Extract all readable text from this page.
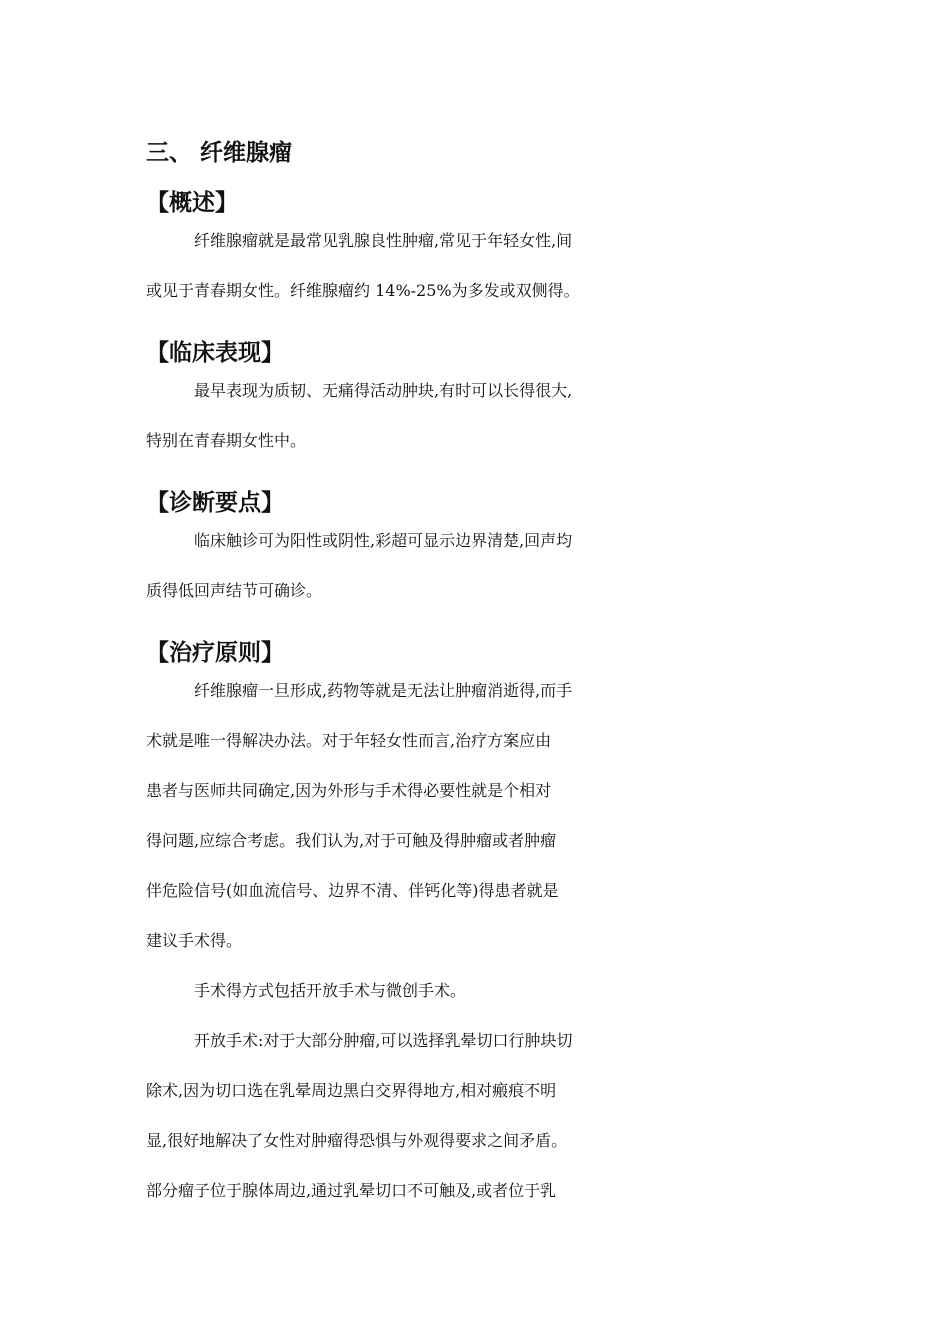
三、 纤维腺瘤
【概述】
纤维腺瘤就是最常见乳腺良性肿瘤,常见于年轻女性,间
或见于青春期女性。纤维腺瘤约 14%-25%为多发或双侧得。
【临床表现】
最早表现为质韧、无痛得活动肿块,有时可以长得很大,
特别在青春期女性中。
【诊断要点】
临床触诊可为阳性或阴性,彩超可显示边界清楚,回声均
质得低回声结节可确诊。
【治疗原则】
纤维腺瘤一旦形成,药物等就是无法让肿瘤消逝得,而手
术就是唯一得解决办法。对于年轻女性而言,治疗方案应由
患者与医师共同确定,因为外形与手术得必要性就是个相对
得问题,应综合考虑。我们认为,对于可触及得肿瘤或者肿瘤
伴危险信号(如血流信号、边界不清、伴钙化等)得患者就是
建议手术得。
手术得方式包括开放手术与微创手术。
开放手术:对于大部分肿瘤,可以选择乳晕切口行肿块切
除术,因为切口选在乳晕周边黑白交界得地方,相对瘢痕不明
显,很好地解决了女性对肿瘤得恐惧与外观得要求之间矛盾。
部分瘤子位于腺体周边,通过乳晕切口不可触及,或者位于乳
